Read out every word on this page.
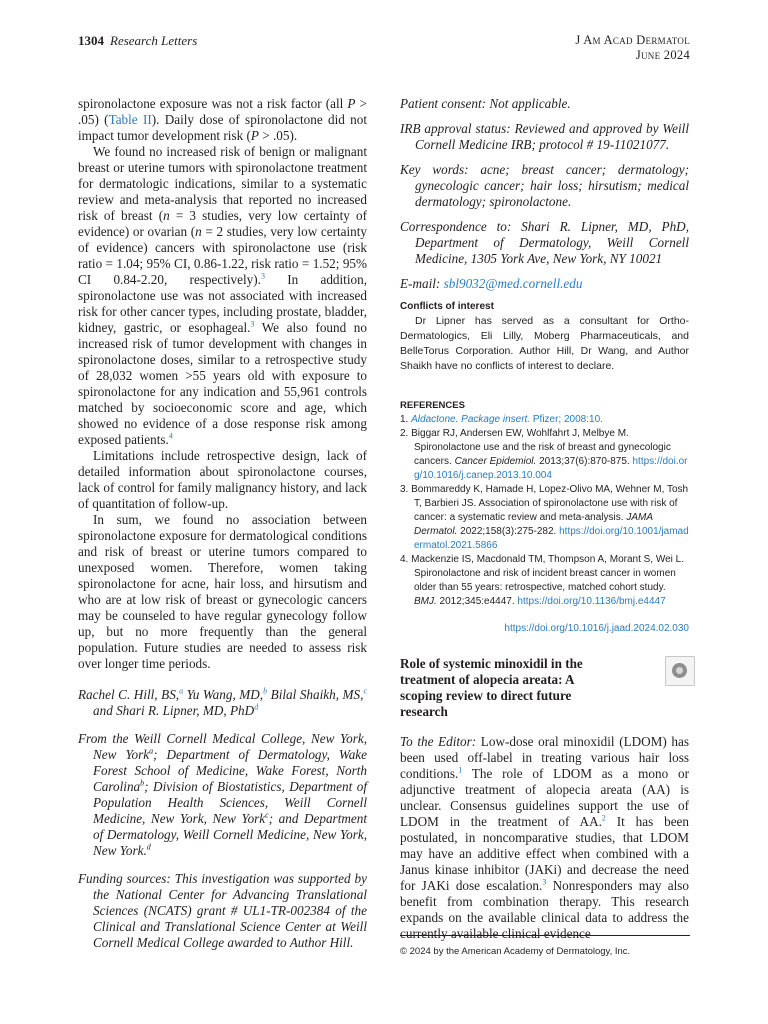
1304 Research Letters	J Am Acad Dermatol
June 2024

spironolactone exposure was not a risk factor (all P > .05) (Table II). Daily dose of spironolactone did not impact tumor development risk (P > .05).

We found no increased risk of benign or malignant breast or uterine tumors with spironolactone treatment for dermatologic indications, similar to a systematic review and meta-analysis that reported no increased risk of breast (n = 3 studies, very low certainty of evidence) or ovarian (n = 2 studies, very low certainty of evidence) cancers with spironolactone use (risk ratio = 1.04; 95% CI, 0.86-1.22, risk ratio = 1.52; 95% CI 0.84-2.20, respectively).$^3$ In addition, spironolactone use was not associated with increased risk for other cancer types, including prostate, bladder, kidney, gastric, or esophageal.$^3$ We also found no increased risk of tumor development with changes in spironolactone doses, similar to a retrospective study of 28,032 women >55 years old with exposure to spironolactone for any indication and 55,961 controls matched by socioeconomic score and age, which showed no evidence of a dose response risk among exposed patients.$^4$

Limitations include retrospective design, lack of detailed information about spironolactone courses, lack of control for family malignancy history, and lack of quantitation of follow-up.

In sum, we found no association between spironolactone exposure for dermatological conditions and risk of breast or uterine tumors compared to unexposed women. Therefore, women taking spironolactone for acne, hair loss, and hirsutism and who are at low risk of breast or gynecologic cancers may be counseled to have regular gynecology follow up, but no more frequently than the general population. Future studies are needed to assess risk over longer time periods.

Rachel C. Hill, BS,$^a$ Yu Wang, MD,$^b$ Bilal Shaikh, MS,$^c$ and Shari R. Lipner, MD, PhD$^d$

From the Weill Cornell Medical College, New York, New York$^a$; Department of Dermatology, Wake Forest School of Medicine, Wake Forest, North Carolina$^b$; Division of Biostatistics, Department of Population Health Sciences, Weill Cornell Medicine, New York, New York$^c$; and Department of Dermatology, Weill Cornell Medicine, New York, New York.$^d$

Funding sources: This investigation was supported by the National Center for Advancing Translational Sciences (NCATS) grant # UL1-TR-002384 of the Clinical and Translational Science Center at Weill Cornell Medical College awarded to Author Hill.

Patient consent: Not applicable.

IRB approval status: Reviewed and approved by Weill Cornell Medicine IRB; protocol # 19-11021077.

Key words: acne; breast cancer; dermatology; gynecologic cancer; hair loss; hirsutism; medical dermatology; spironolactone.

Correspondence to: Shari R. Lipner, MD, PhD, Department of Dermatology, Weill Cornell Medicine, 1305 York Ave, New York, NY 10021

E-mail: sbl9032@med.cornell.edu

Conflicts of interest

Dr Lipner has served as a consultant for Ortho-Dermatologics, Eli Lilly, Moberg Pharmaceuticals, and BelleTorus Corporation. Author Hill, Dr Wang, and Author Shaikh have no conflicts of interest to declare.

REFERENCES

1. Aldactone. Package insert. Pfizer; 2008:10.

2. Biggar RJ, Andersen EW, Wohlfahrt J, Melbye M. Spironolactone use and the risk of breast and gynecologic cancers. Cancer Epidemiol. 2013;37(6):870-875. https://doi.org/10.1016/j.canep.2013.10.004

3. Bommareddy K, Hamade H, Lopez-Olivo MA, Wehner M, Tosh T, Barbieri JS. Association of spironolactone use with risk of cancer: a systematic review and meta-analysis. JAMA Dermatol. 2022;158(3):275-282. https://doi.org/10.1001/jamadermatol.2021.5866

4. Mackenzie IS, Macdonald TM, Thompson A, Morant S, Wei L. Spironolactone and risk of incident breast cancer in women older than 55 years: retrospective, matched cohort study. BMJ. 2012;345:e4447. https://doi.org/10.1136/bmj.e4447

https://doi.org/10.1016/j.jaad.2024.02.030
Role of systemic minoxidil in the treatment of alopecia areata: A scoping review to direct future research

To the Editor: Low-dose oral minoxidil (LDOM) has been used off-label in treating various hair loss conditions.$^1$ The role of LDOM as a mono or adjunctive treatment of alopecia areata (AA) is unclear. Consensus guidelines support the use of LDOM in the treatment of AA.$^2$ It has been postulated, in noncomparative studies, that LDOM may have an additive effect when combined with a Janus kinase inhibitor (JAKi) and decrease the need for JAKi dose escalation.$^3$ Nonresponders may also benefit from combination therapy. This research expands on the available clinical data to address the currently available clinical evidence

© 2024 by the American Academy of Dermatology, Inc.
